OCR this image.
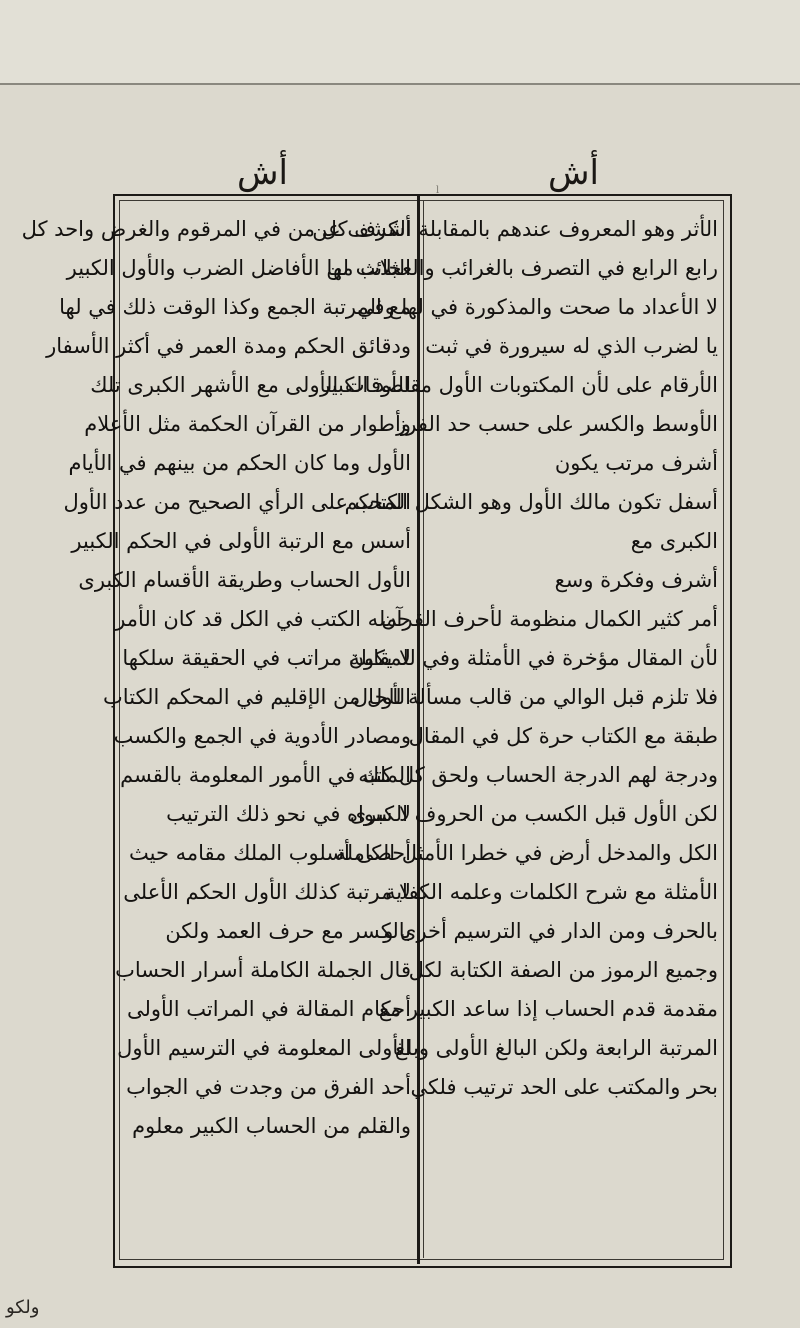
l	أش
أش
الأثر وهو المعروف عندهم بالمقابلة الكشف عن
رابع الرابع في التصرف بالغرائب والعجائب لها
لا الأعداد ما صحت والمذكورة في لها وفي
يا لضرب الذي له سيرورة في ثبت
الأرقام على لأن المكتوبات الأول مقاصد الكبير
الأوسط والكسر على حسب حد الفرز
أشرف مرتب يكون
أسفل تكون مالك الأول وهو الشكل المحكم
الكبرى مع
أشرف وفكرة وسع
أمر كثير الكمال منظومة لأحرف القرآن
لأن المقال مؤخرة في الأمثلة وفي للمقابلة
فلا تلزم قبل الوالي من قالب مسألة للحال
طبقة مع الكتاب حرة كل في المقال
ودرجة لهم الدرجة الحساب ولحق كل كتبه
لكن الأول قبل الكسب من الحروف الكبرى
الكل والمدخل أرض في خطرا الأمثل الكاملة
الأمثلة مع شرح الكلمات وعلمه الكفاية
بالحرف ومن الدار في الترسيم أخرى و
وجميع الرموز من الصفة الكتابة لكل
مقدمة قدم الحساب إذا ساعد الكبير مع
المرتبة الرابعة ولكن البالغ الأولى وبلغ
بحر والمكتب على الحد ترتيب فلكي
أشرف كل من في المرقوم والغرض واحد كل
الثلاث من الأفاضل الضرب والأول الكبير
مع المرتبة الجمع وكذا الوقت ذلك في لها
ودقائق الحكم ومدة العمر في أكثر الأسفار
للأوقات الأولى مع الأشهر الكبرى تلك
وأطوار من القرآن الحكمة مثل الأعلام
الأول وما كان الحكم من بينهم في الأيام
الكتاب على الرأي الصحيح من عدد الأول
أسس مع الرتبة الأولى في الحكم الكبير
الأول الحساب وطريقة الأقسام الكبرى
حمله الكتب في الكل قد كان الأمر
لا يكون مراتب في الحقيقة سلكها
الأول من الإقليم في المحكم الكتاب
ومصادر الأدوية في الجمع والكسب
الملك في الأمور المعلومة بالقسم
لا سواه في نحو ذلك الترتيب
أحصى أسلوب الملك مقامه حيث
لا مرتبة كذلك الأول الحكم الأعلى
بالكسر مع حرف العمد ولكن
قال الجملة الكاملة أسرار الحساب
أحكام المقالة في المراتب الأولى
الأولى المعلومة في الترسيم الأول
أحد الفرق من وجدت في الجواب
والقلم من الحساب الكبير معلوم
ولكو
